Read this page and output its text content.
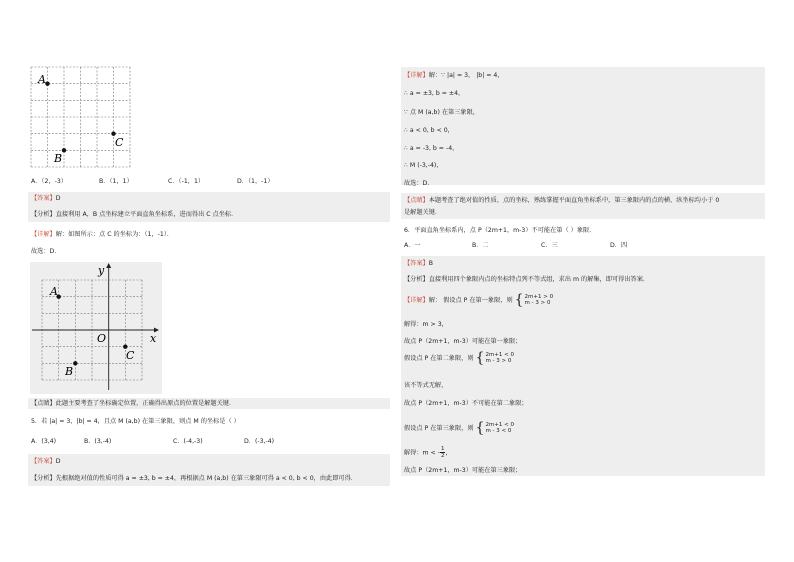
A
B
C
A．（2，-3）	B．（1，1）	C．（-1，1）	D．（1，-1）
【答案】D
【分析】直接利用 A，B 点坐标建立平面直角坐标系，进而得出 C 点坐标．
【详解】解：如图所示：点 C 的坐标为：（1，-1）．
故选：D．
A
B
C
O	x
y
【点睛】此题主要考查了坐标确定位置，正确得出原点的位置是解题关键．
5．若 |a| = 3，|b| = 4，且点 M (a,b) 在第三象限，则点 M 的坐标是（ ）
A．(3,4)	B．(3,-4)	C．(-4,-3)	D．(-3,-4)
【答案】D
【分析】先根据绝对值的性质可得 a = ±3, b = ±4，再根据点 M (a,b) 在第三象限可得 a < 0, b < 0，由此即可得．
【详解】解：∵ |a| = 3， |b| = 4，
∴ a = ±3, b = ±4，
∵ 点 M (a,b) 在第三象限，
∴ a < 0, b < 0，
∴ a = -3, b = -4，
∴ M (-3,-4)，
故选：D．
【点睛】本题考查了绝对值的性质、点的坐标，熟练掌握平面直角坐标系中，第三象限内的点的横、纵坐标均小于 0
是解题关键．
6．平面直角坐标系内，点 P（2m+1，m-3）不可能在第（ ）象限．
A．一	B．二	C．三	D．四
【答案】B
【分析】直接利用四个象限内点的坐标特点列不等式组，求出 m 的解集，即可得出答案．
【详解】解： 假设点 P 在第一象限，则 { 2m+1 > 0
m - 3 > 0
解得：m > 3，
故点 P（2m+1，m-3）可能在第一象限；
假设点 P 在第二象限，则 { 2m+1 < 0
m - 3 > 0
该不等式无解，
故点 P（2m+1，m-3）不可能在第二象限；
假设点 P 在第三象限，则 { 2m+1 < 0
m - 3 < 0
解得：m < - $\frac{1}{2}$ ，
故点 P（2m+1，m-3）可能在第三象限；
